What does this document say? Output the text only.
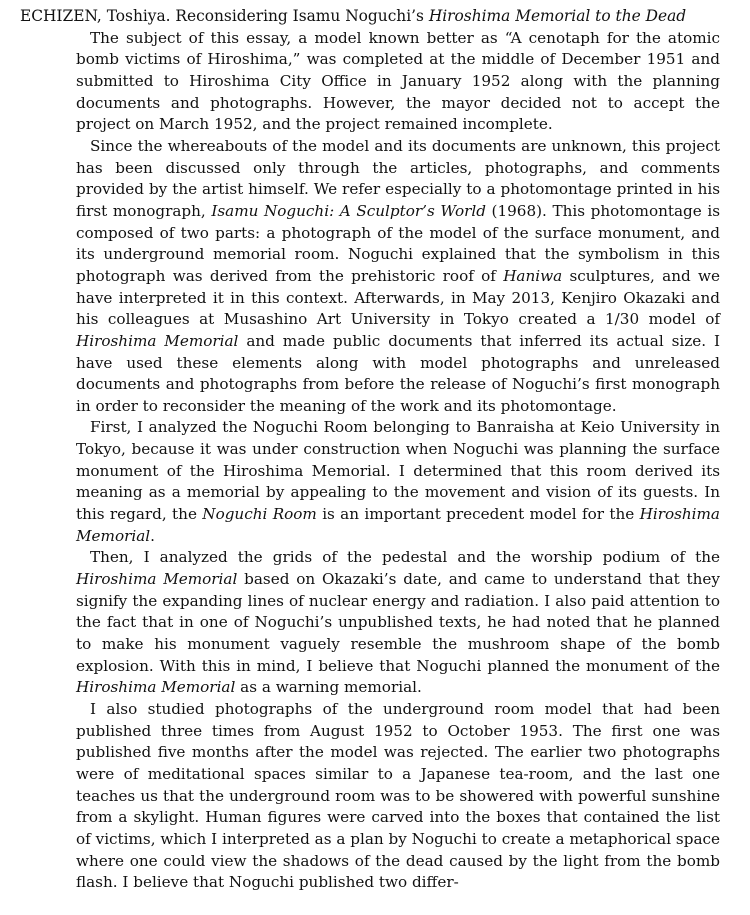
ECHIZEN, Toshiya. Reconsidering Isamu Noguchi’s Hiroshima Memorial to the Dead

The subject of this essay, a model known better as “A cenotaph for the atomic bomb victims of Hiroshima,” was completed at the middle of December 1951 and submitted to Hiroshima City Office in January 1952 along with the planning documents and photographs. However, the mayor decided not to accept the project on March 1952, and the project remained incomplete.

Since the whereabouts of the model and its documents are unknown, this project has been discussed only through the articles, photographs, and comments provided by the artist himself. We refer especially to a photomontage printed in his first monograph, Isamu Noguchi: A Sculptor’s World (1968). This photomontage is composed of two parts: a photograph of the model of the surface monument, and its underground memorial room. Noguchi explained that the symbolism in this photograph was derived from the prehistoric roof of Haniwa sculptures, and we have interpreted it in this context. Afterwards, in May 2013, Kenjiro Okazaki and his colleagues at Musashino Art University in Tokyo created a 1/30 model of Hiroshima Memorial and made public documents that inferred its actual size. I have used these elements along with model photographs and unreleased documents and photographs from before the release of Noguchi’s first monograph in order to reconsider the meaning of the work and its photomontage.

First, I analyzed the Noguchi Room belonging to Banraisha at Keio University in Tokyo, because it was under construction when Noguchi was planning the surface monument of the Hiroshima Memorial. I determined that this room derived its meaning as a memorial by appealing to the movement and vision of its guests. In this regard, the Noguchi Room is an important precedent model for the Hiroshima Memorial.

Then, I analyzed the grids of the pedestal and the worship podium of the Hiroshima Memorial based on Okazaki’s date, and came to understand that they signify the expanding lines of nuclear energy and radiation. I also paid attention to the fact that in one of Noguchi’s unpublished texts, he had noted that he planned to make his monument vaguely resemble the mushroom shape of the bomb explosion. With this in mind, I believe that Noguchi planned the monument of the Hiroshima Memorial as a warning memorial.

I also studied photographs of the underground room model that had been published three times from August 1952 to October 1953. The first one was published five months after the model was rejected. The earlier two photographs were of meditational spaces similar to a Japanese tea-room, and the last one teaches us that the underground room was to be showered with powerful sunshine from a skylight. Human figures were carved into the boxes that contained the list of victims, which I interpreted as a plan by Noguchi to create a metaphorical space where one could view the shadows of the dead caused by the light from the bomb flash. I believe that Noguchi published two differ-
